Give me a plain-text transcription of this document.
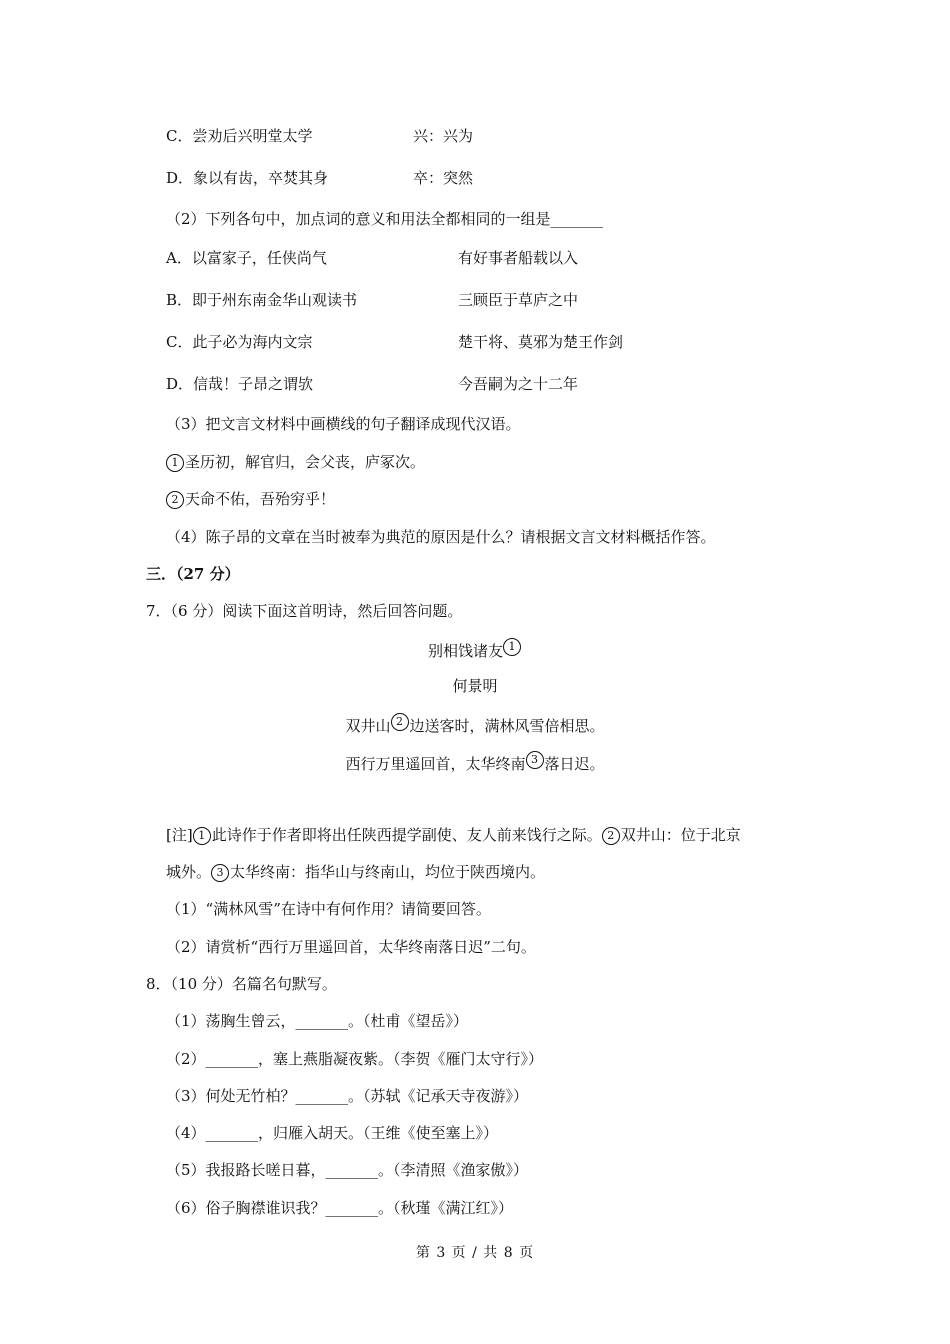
C．尝劝后兴明堂太学	兴：兴为
D．象以有齿，卒焚其身	卒：突然
（2）下列各句中，加点词的意义和用法全都相同的一组是_______
A．以富家子，任侠尚气	有好事者船载以入
B．即于州东南金华山观读书	三顾臣于草庐之中
C．此子必为海内文宗	楚干将、莫邪为楚王作剑
D．信哉！子昂之谓欤	今吾嗣为之十二年
（3）把文言文材料中画横线的句子翻译成现代汉语。
1 圣历初，解官归，会父丧，庐冢次。
2 天命不佑，吾殆穷乎！
（4）陈子昂的文章在当时被奉为典范的原因是什么？请根据文言文材料概括作答。
三．（27 分）
7．（6 分）阅读下面这首明诗，然后回答问题。
别相饯诸友 1
何景明
双井山 2 边送客时，满林风雪倍相思。
西行万里遥回首，太华终南 3 落日迟。
[注] 1 此诗作于作者即将出任陕西提学副使、友人前来饯行之际。 2 双井山：位于北京
城外。 3 太华终南：指华山与终南山，均位于陕西境内。
（1）“满林风雪”在诗中有何作用？请简要回答。
（2）请赏析“西行万里遥回首，太华终南落日迟”二句。
8．（10 分）名篇名句默写。
（1）荡胸生曾云，_______。（杜甫《望岳》）
（2）_______，塞上燕脂凝夜紫。（李贺《雁门太守行》）
（3）何处无竹柏？_______。（苏轼《记承天寺夜游》）
（4）_______，归雁入胡天。（王维《使至塞上》）
（5）我报路长嗟日暮，_______。（李清照《渔家傲》）
（6）俗子胸襟谁识我？_______。（秋瑾《满江红》）
第 3 页 / 共 8 页
